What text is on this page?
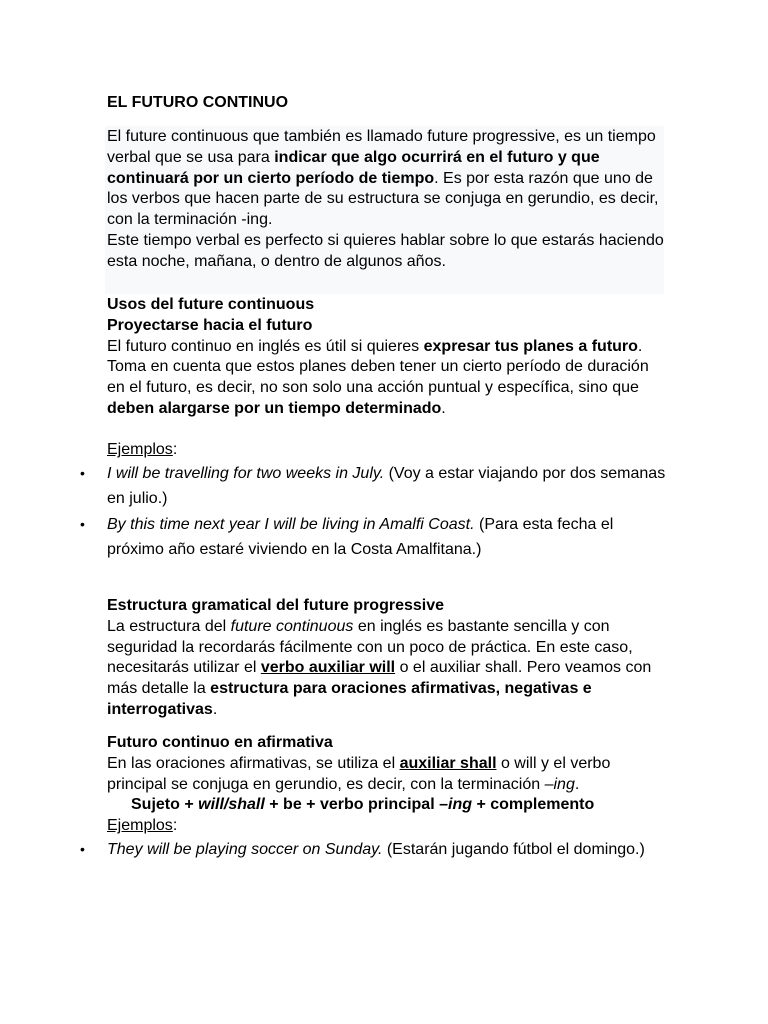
EL FUTURO CONTINUO
El future continuous que también es llamado future progressive, es un tiempo verbal que se usa para indicar que algo ocurrirá en el futuro y que continuará por un cierto período de tiempo. Es por esta razón que uno de los verbos que hacen parte de su estructura se conjuga en gerundio, es decir, con la terminación -ing.
Este tiempo verbal es perfecto si quieres hablar sobre lo que estarás haciendo esta noche, mañana, o dentro de algunos años.
Usos del future continuous
Proyectarse hacia el futuro
El futuro continuo en inglés es útil si quieres expresar tus planes a futuro. Toma en cuenta que estos planes deben tener un cierto período de duración en el futuro, es decir, no son solo una acción puntual y específica, sino que deben alargarse por un tiempo determinado.
Ejemplos:
• I will be travelling for two weeks in July. (Voy a estar viajando por dos semanas en julio.)
• By this time next year I will be living in Amalfi Coast. (Para esta fecha el próximo año estaré viviendo en la Costa Amalfitana.)
Estructura gramatical del future progressive
La estructura del future continuous en inglés es bastante sencilla y con seguridad la recordarás fácilmente con un poco de práctica. En este caso, necesitarás utilizar el verbo auxiliar will o el auxiliar shall. Pero veamos con más detalle la estructura para oraciones afirmativas, negativas e interrogativas.
Futuro continuo en afirmativa
En las oraciones afirmativas, se utiliza el auxiliar shall o will y el verbo principal se conjuga en gerundio, es decir, con la terminación –ing.
Sujeto + will/shall + be + verbo principal –ing + complemento
Ejemplos:
• They will be playing soccer on Sunday. (Estarán jugando fútbol el domingo.)
